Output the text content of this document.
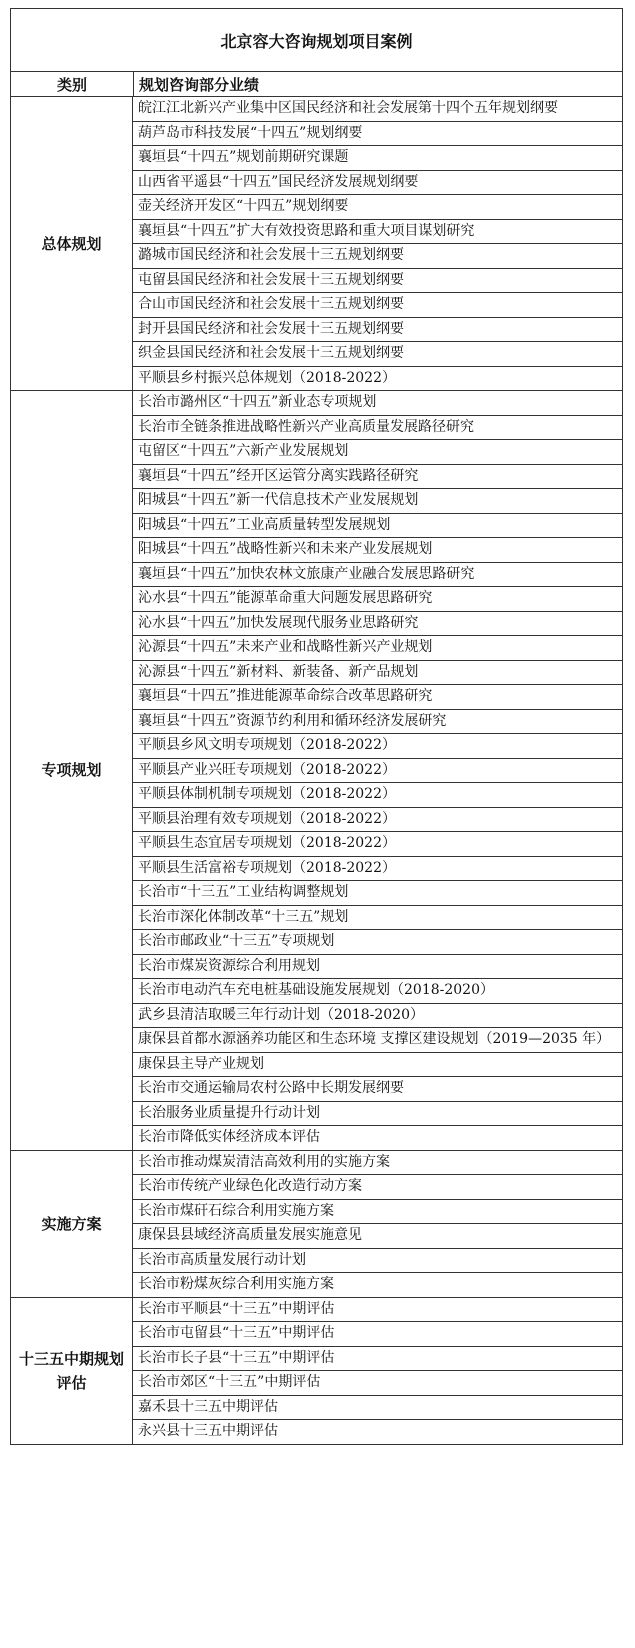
北京容大咨询规划项目案例
类别	规划咨询部分业绩
总体规划
皖江江北新兴产业集中区国民经济和社会发展第十四个五年规划纲要
葫芦岛市科技发展“十四五”规划纲要
襄垣县“十四五”规划前期研究课题
山西省平遥县“十四五”国民经济发展规划纲要
壶关经济开发区“十四五”规划纲要
襄垣县“十四五”扩大有效投资思路和重大项目谋划研究
潞城市国民经济和社会发展十三五规划纲要
屯留县国民经济和社会发展十三五规划纲要
合山市国民经济和社会发展十三五规划纲要
封开县国民经济和社会发展十三五规划纲要
织金县国民经济和社会发展十三五规划纲要
平顺县乡村振兴总体规划（2018-2022）
专项规划
长治市潞州区“十四五”新业态专项规划
长治市全链条推进战略性新兴产业高质量发展路径研究
屯留区“十四五”六新产业发展规划
襄垣县“十四五”经开区运管分离实践路径研究
阳城县“十四五”新一代信息技术产业发展规划
阳城县“十四五”工业高质量转型发展规划
阳城县“十四五”战略性新兴和未来产业发展规划
襄垣县“十四五”加快农林文旅康产业融合发展思路研究
沁水县“十四五”能源革命重大问题发展思路研究
沁水县“十四五”加快发展现代服务业思路研究
沁源县“十四五”未来产业和战略性新兴产业规划
沁源县“十四五”新材料、新装备、新产品规划
襄垣县“十四五”推进能源革命综合改革思路研究
襄垣县“十四五”资源节约利用和循环经济发展研究
平顺县乡风文明专项规划（2018-2022）
平顺县产业兴旺专项规划（2018-2022）
平顺县体制机制专项规划（2018-2022）
平顺县治理有效专项规划（2018-2022）
平顺县生态宜居专项规划（2018-2022）
平顺县生活富裕专项规划（2018-2022）
长治市“十三五”工业结构调整规划
长治市深化体制改革“十三五”规划
长治市邮政业“十三五”专项规划
长治市煤炭资源综合利用规划
长治市电动汽车充电桩基础设施发展规划（2018-2020）
武乡县清洁取暖三年行动计划（2018-2020）
康保县首都水源涵养功能区和生态环境 支撑区建设规划（2019—2035 年）
康保县主导产业规划
长治市交通运输局农村公路中长期发展纲要
长治服务业质量提升行动计划
长治市降低实体经济成本评估
实施方案
长治市推动煤炭清洁高效利用的实施方案
长治市传统产业绿色化改造行动方案
长治市煤矸石综合利用实施方案
康保县县域经济高质量发展实施意见
长治市高质量发展行动计划
长治市粉煤灰综合利用实施方案
十三五中期规划评估
长治市平顺县“十三五”中期评估
长治市屯留县“十三五”中期评估
长治市长子县“十三五”中期评估
长治市郊区“十三五”中期评估
嘉禾县十三五中期评估
永兴县十三五中期评估
